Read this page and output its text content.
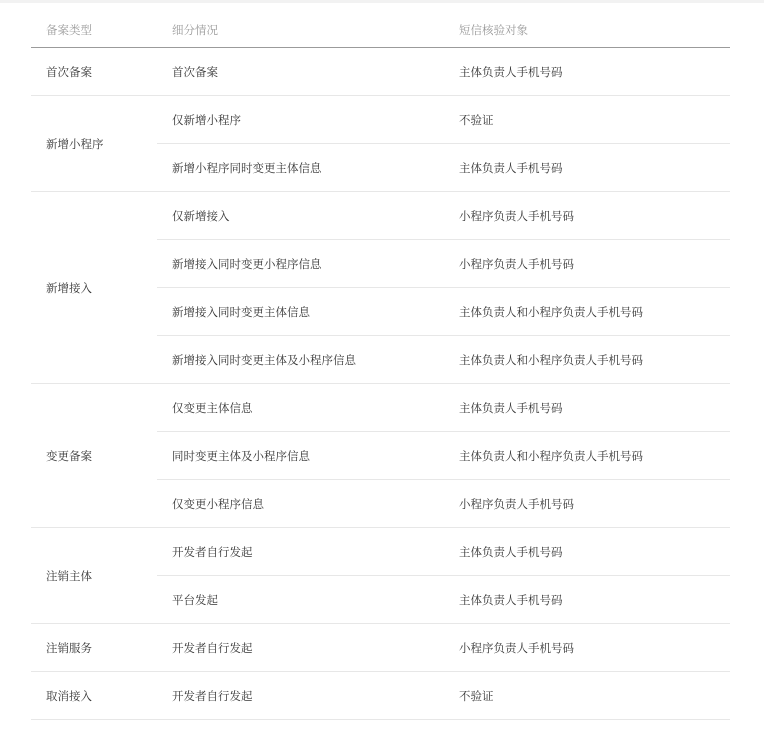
备案类型	细分情况	短信核验对象
首次备案	首次备案	主体负责人手机号码
新增小程序	仅新增小程序	不验证
	新增小程序同时变更主体信息	主体负责人手机号码
新增接入	仅新增接入	小程序负责人手机号码
	新增接入同时变更小程序信息	小程序负责人手机号码
	新增接入同时变更主体信息	主体负责人和小程序负责人手机号码
	新增接入同时变更主体及小程序信息	主体负责人和小程序负责人手机号码
变更备案	仅变更主体信息	主体负责人手机号码
	同时变更主体及小程序信息	主体负责人和小程序负责人手机号码
	仅变更小程序信息	小程序负责人手机号码
注销主体	开发者自行发起	主体负责人手机号码
	平台发起	主体负责人手机号码
注销服务	开发者自行发起	小程序负责人手机号码
取消接入	开发者自行发起	不验证
